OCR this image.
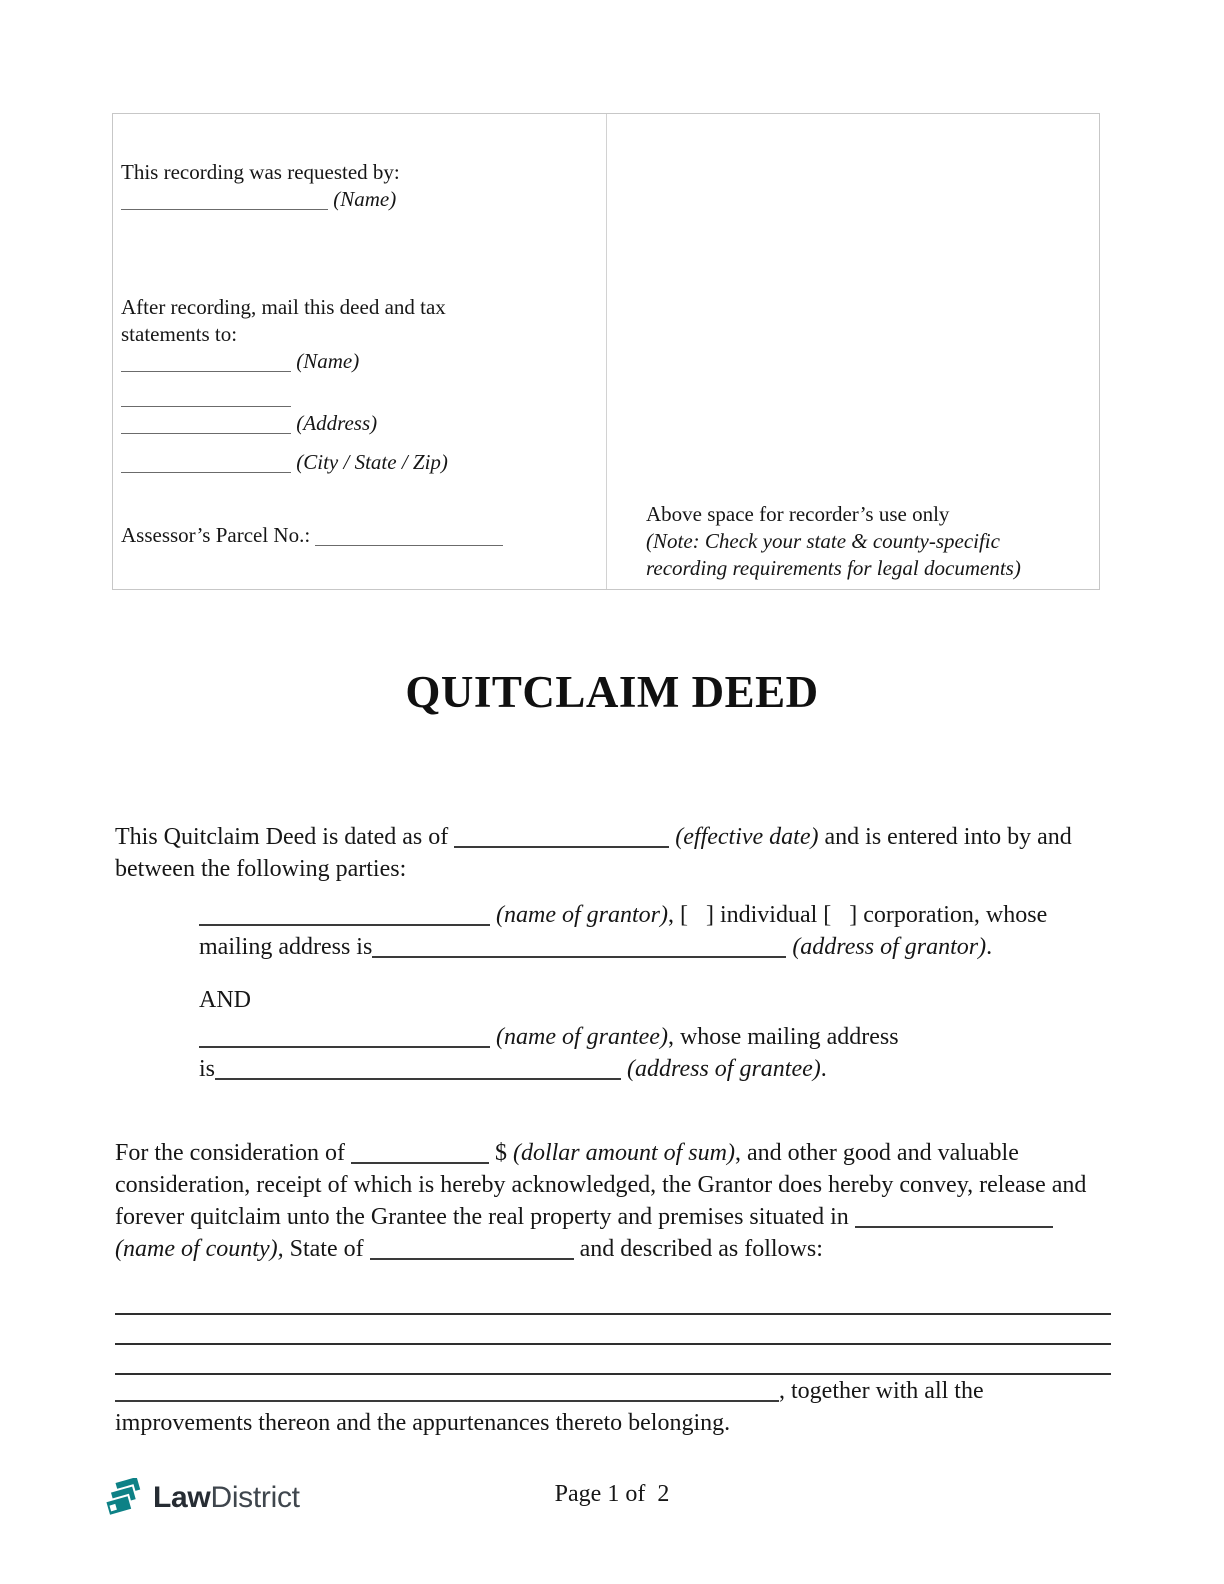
This recording was requested by:
(Name)

After recording, mail this deed and tax
statements to:
(Name)

(Address)

(City / State / Zip)

Assessor’s Parcel No.:

Above space for recorder’s use only
(Note: Check your state & county-specific recording requirements for legal documents)
QUITCLAIM DEED

This Quitclaim Deed is dated as of	(effective date) and is entered into by and between the following parties:

(name of grantor), [   ] individual [   ] corporation, whose
mailing address is	(address of grantor).

AND

(name of grantee), whose mailing address
is	(address of grantee).

For the consideration of	$ (dollar amount of sum), and other good and valuable consideration, receipt of which is hereby acknowledged, the Grantor does hereby convey, release and forever quitclaim unto the Grantee the real property and premises situated in  (name of county), State of	and described as follows:

, together with all the
improvements thereon and the appurtenances thereto belonging.
LawDistrict	Page 1 of  2
